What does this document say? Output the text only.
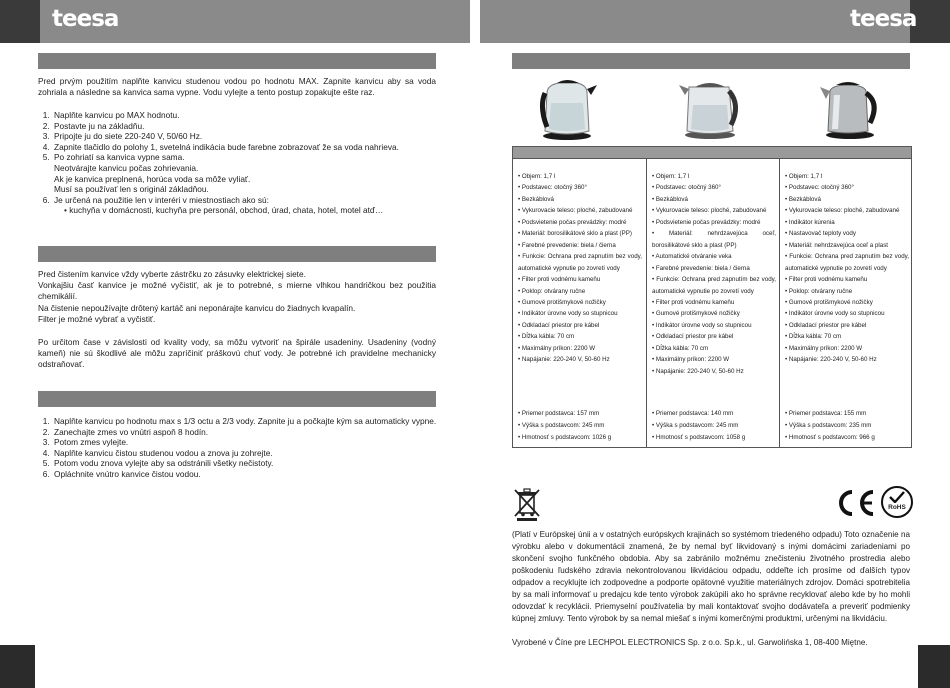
teesa	teesa

Pred prvým použitím naplňte kanvicu studenou vodou po hodnotu MAX. Zapnite kanvicu aby sa voda zohriala a následne sa kanvica sama vypne. Vodu vylejte a tento postup zopakujte ešte raz.

1. Naplňte kanvicu po MAX hodnotu.
2. Postavte ju na základňu.
3. Pripojte ju do siete 220-240 V, 50/60 Hz.
4. Zapnite tlačidlo do polohy 1, svetelná indikácia bude farebne zobrazovať že sa voda nahrieva.
5. Po zohriatí sa kanvica vypne sama.
Neotvárajte kanvicu počas zohrievania.
Ak je kanvica preplnená, horúca voda sa môže vyliať.
Musí sa používať len s originál základňou.
6. Je určená na použitie len v interéri v miestnostiach ako sú:
• kuchyňa v domácnosti, kuchyňa pre personál, obchod, úrad, chata, hotel, motel atď…
Pred čistením kanvice vždy vyberte zástrčku zo zásuvky elektrickej siete.
Vonkajšiu časť kanvice je možné vyčistiť, ak je to potrebné, s mierne vlhkou handričkou bez použitia chemikálií.
Na čistenie nepoužívajte drôtený kartáč ani neponárajte kanvicu do žiadnych kvapalín.
Filter je možné vybrať a vyčistiť.

Po určitom čase v závislosti od kvality vody, sa môžu vytvoriť na špirále usadeniny. Usadeniny (vodný kameň) nie sú škodlivé ale môžu zapríčiniť práškovú chuť vody. Je potrebné ich pravidelne mechanicky odstraňovať.

1. Naplňte kanvicu po hodnotu max s 1/3 octu a 2/3 vody. Zapnite ju a počkajte kým sa automaticky vypne.
2. Zanechajte zmes vo vnútri aspoň 8 hodín.
3. Potom zmes vylejte.
4. Naplňte kanvicu čistou studenou vodou a znova ju zohrejte.
5. Potom vodu znova vylejte aby sa odstránili všetky nečistoty.
6. Opláchnite vnútro kanvice čistou vodou.
• Objem: 1,7 l
• Podstavec: otočný 360°
• Bezkáblová
• Vykurovacie teleso: ploché, zabudované
• Podsvietenie počas prevádzky: modré
• Materiál: borosilikátové sklo a plast (PP)
• Farebné prevedenie: biela / čierna
• Funkcie: Ochrana pred zapnutím bez vody, automatické vypnutie po zovretí vody
• Filter proti vodnému kameňu
• Poklop: otvárany ručne
• Gumové protišmykové nožičky
• Indikátor úrovne vody so stupnicou
• Odkladací priestor pre kábel
• Dĺžka kábla: 70 cm
• Maximálny príkon: 2200 W
• Napájanie: 220-240 V, 50-60 Hz
• Priemer podstavca: 157 mm
• Výška s podstavcom: 245 mm
• Hmotnosť s podstavcom: 1026 g
• Objem: 1,7 l
• Podstavec: otočný 360°
• Bezkáblová
• Vykurovacie teleso: ploché, zabudované
• Podsvietenie počas prevádzky: modré
• Materiál: nehrdzavejúca oceľ, borosilikátové sklo a plast (PP)
• Automatické otváranie veka
• Farebné prevedenie: biela / čierna
• Funkcie: Ochrana pred zapnutím bez vody, automatické vypnutie po zovretí vody
• Filter proti vodnému kameňu
• Gumové protišmykové nožičky
• Indikátor úrovne vody so stupnicou
• Odkladací priestor pre kábel
• Dĺžka kábla: 70 cm
• Maximálny príkon: 2200 W
• Napájanie: 220-240 V, 50-60 Hz
• Priemer podstavca: 140 mm
• Výška s podstavcom: 245 mm
• Hmotnosť s podstavcom: 1058 g
• Objem: 1,7 l
• Podstavec: otočný 360°
• Bezkáblová
• Vykurovacie teleso: ploché, zabudované
• Indikátor kúrenia
• Nastavovač teploty vody
• Materiál: nehrdzavejúca oceľ a plast
• Funkcie: Ochrana pred zapnutím bez vody, automatické vypnutie po zovretí vody
• Filter proti vodnému kameňu
• Poklop: otvárany ručne
• Gumové protišmykové nožičky
• Indikátor úrovne vody so stupnicou
• Odkladací priestor pre kábel
• Dĺžka kábla: 70 cm
• Maximálny príkon: 2200 W
• Napájanie: 220-240 V, 50-60 Hz
• Priemer podstavca: 155 mm
• Výška s podstavcom: 235 mm
• Hmotnosť s podstavcom: 966 g
RoHS

(Platí v Európskej únii a v ostatných európskych krajinách so systémom triedeného odpadu) Toto označenie na výrobku alebo v dokumentácii znamená, že by nemal byť likvidovaný s inými domácimi zariadeniami po skončení svojho funkčného obdobia. Aby sa zabránilo možnému znečisteniu životného prostredia alebo poškodeniu ľudského zdravia nekontrolovanou likvidáciou odpadu, oddeľte ich prosíme od ďalších typov odpadov a recyklujte ich zodpovedne a podporte opätovné využitie materiálnych zdrojov. Domáci spotrebitelia by sa mali informovať u predajcu kde tento výrobok zakúpili ako ho správne recyklovať alebo kde by ho mohli odovzdať k recyklácii. Priemyselní používatelia by mali kontaktovať svojho dodávateľa a preveriť podmienky kúpnej zmluvy. Tento výrobok by sa nemal miešať s inými komerčnými produktmi, určenými na likvidáciu.

Vyrobené v Číne pre LECHPOL ELECTRONICS Sp. z o.o. Sp.k., ul. Garwolińska 1, 08-400 Miętne.
